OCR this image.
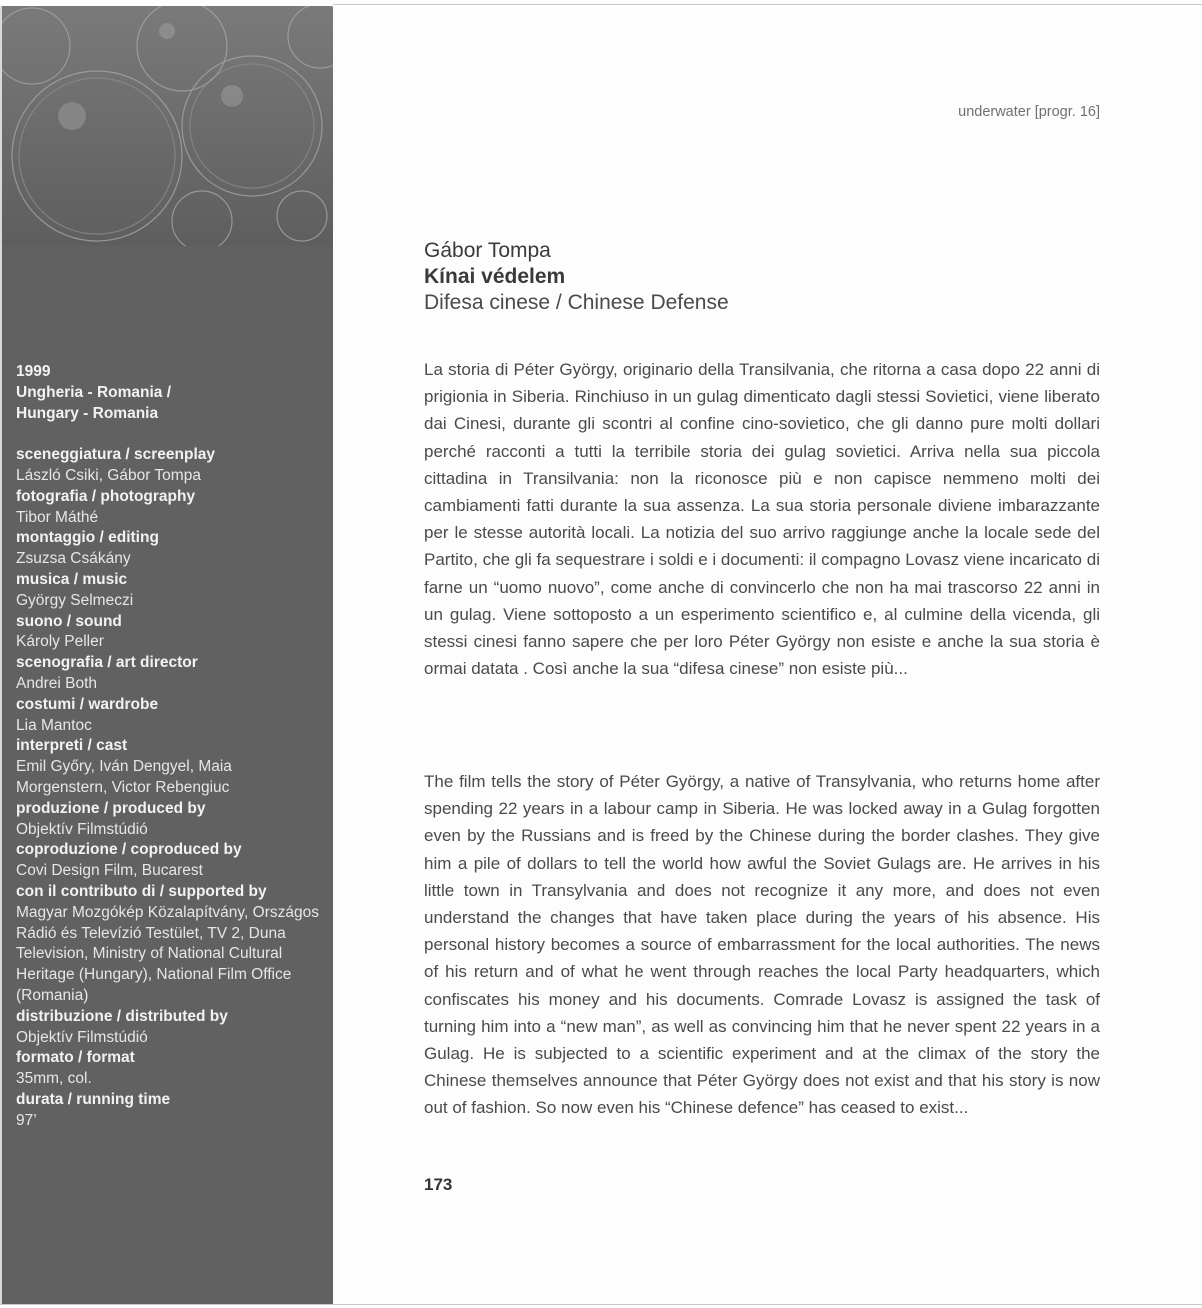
1999
Ungheria - Romania /
Hungary - Romania
sceneggiatura / screenplay
László Csiki, Gábor Tompa
fotografia / photography
Tibor Máthé
montaggio / editing
Zsuzsa Csákány
musica / music
György Selmeczi
suono / sound
Károly Peller
scenografia / art director
Andrei Both
costumi / wardrobe
Lia Mantoc
interpreti / cast
Emil Győry, Iván Dengyel, Maia Morgenstern, Victor Rebengiuc
produzione / produced by
Objektív Filmstúdió
coproduzione / coproduced by
Covi Design Film, Bucarest
con il contributo di / supported by
Magyar Mozgókép Közalapítvány, Országos Rádió és Televízió Testület, TV 2, Duna Television, Ministry of National Cultural Heritage (Hungary), National Film Office (Romania)
distribuzione / distributed by
Objektív Filmstúdió
formato / format
35mm, col.
durata / running time
97’
underwater [progr. 16]
Gábor Tompa
Kínai védelem
Difesa cinese / Chinese Defense
La storia di Péter György, originario della Transilvania, che ritorna a casa dopo 22 anni di prigionia in Siberia. Rinchiuso in un gulag dimenticato dagli stessi Sovietici, viene liberato dai Cinesi, durante gli scontri al confine cino-sovietico, che gli danno pure molti dollari perché racconti a tutti la terribile storia dei gulag sovietici. Arriva nella sua piccola cittadina in Transilvania: non la riconosce più e non capisce nemmeno molti dei cambiamenti fatti durante la sua assenza. La sua storia personale diviene imbarazzante per le stesse autorità locali. La notizia del suo arrivo raggiunge anche la locale sede del Partito, che gli fa sequestrare i soldi e i documenti: il compagno Lovasz viene incaricato di farne un “uomo nuovo”, come anche di convincerlo che non ha mai trascorso 22 anni in un gulag. Viene sottoposto a un esperimento scientifico e, al culmine della vicenda, gli stessi cinesi fanno sapere che per loro Péter György non esiste e anche la sua storia è ormai datata . Così anche la sua “difesa cinese” non esiste più...
The film tells the story of Péter György, a native of Transylvania, who returns home after spending 22 years in a labour camp in Siberia. He was locked away in a Gulag forgotten even by the Russians and is freed by the Chinese during the border clashes. They give him a pile of dollars to tell the world how awful the Soviet Gulags are. He arrives in his little town in Transylvania and does not recognize it any more, and does not even understand the changes that have taken place during the years of his absence. His personal history becomes a source of embarrassment for the local authorities. The news of his return and of what he went through reaches the local Party headquarters, which confiscates his money and his documents. Comrade Lovasz is assigned the task of turning him into a “new man”, as well as convincing him that he never spent 22 years in a Gulag. He is subjected to a scientific experiment and at the climax of the story the Chinese themselves announce that Péter György does not exist and that his story is now out of fashion. So now even his “Chinese defence” has ceased to exist...
173
